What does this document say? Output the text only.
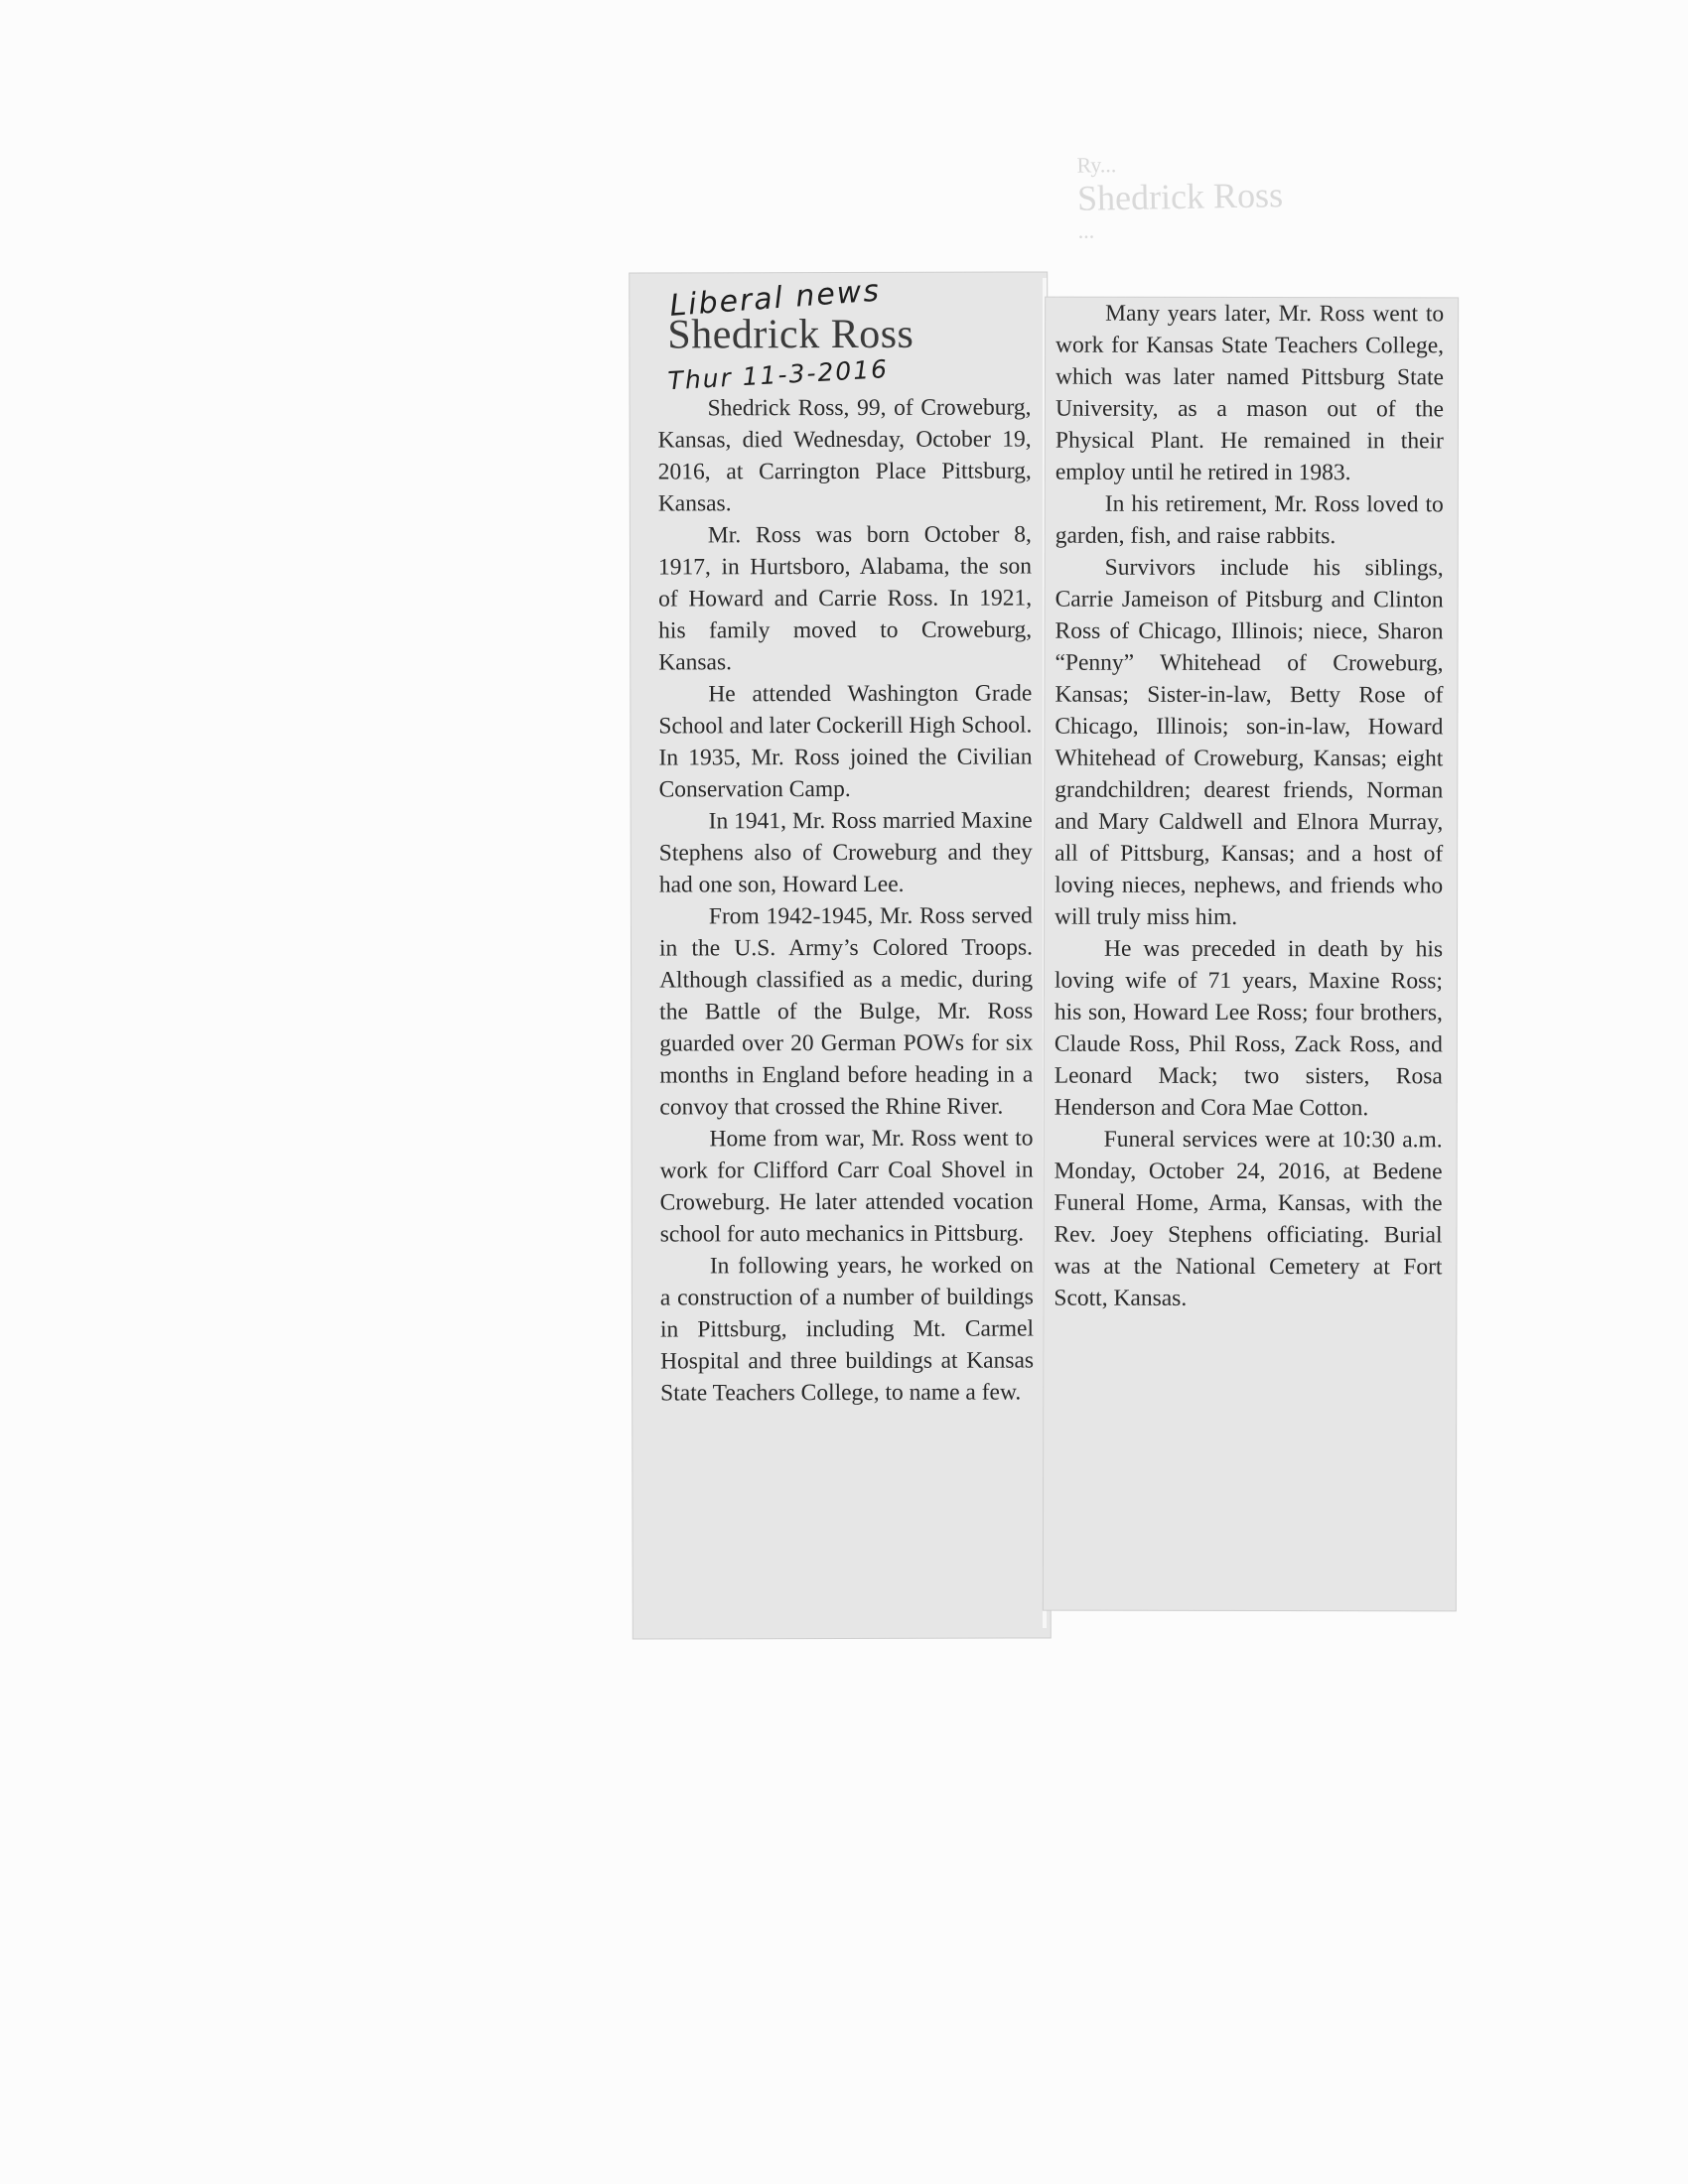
Ry...
Shedrick Ross
...
Liberal news
Shedrick Ross
Thur 11-3-2016

Shedrick Ross, 99, of Croweburg, Kansas, died Wednesday, October 19, 2016, at Carrington Place Pittsburg, Kansas.

Mr. Ross was born October 8, 1917, in Hurtsboro, Alabama, the son of Howard and Carrie Ross. In 1921, his family moved to Croweburg, Kansas.

He attended Washington Grade School and later Cockerill High School. In 1935, Mr. Ross joined the Civilian Conservation Camp.

In 1941, Mr. Ross married Maxine Stephens also of Croweburg and they had one son, Howard Lee.

From 1942-1945, Mr. Ross served in the U.S. Army’s Colored Troops. Although classified as a medic, during the Battle of the Bulge, Mr. Ross guarded over 20 German POWs for six months in England before heading in a convoy that crossed the Rhine River.

Home from war, Mr. Ross went to work for Clifford Carr Coal Shovel in Croweburg. He later attended vocation school for auto mechanics in Pittsburg.

In following years, he worked on a construction of a number of buildings in Pittsburg, including Mt. Carmel Hospital and three buildings at Kansas State Teachers College, to name a few.

Many years later, Mr. Ross went to work for Kansas State Teachers College, which was later named Pittsburg State University, as a mason out of the Physical Plant. He remained in their employ until he retired in 1983.

In his retirement, Mr. Ross loved to garden, fish, and raise rabbits.

Survivors include his siblings, Carrie Jameison of Pitsburg and Clinton Ross of Chicago, Illinois; niece, Sharon “Penny” Whitehead of Croweburg, Kansas; Sister-in-law, Betty Rose of Chicago, Illinois; son-in-law, Howard Whitehead of Croweburg, Kansas; eight grandchildren; dearest friends, Norman and Mary Caldwell and Elnora Murray, all of Pittsburg, Kansas; and a host of loving nieces, nephews, and friends who will truly miss him.

He was preceded in death by his loving wife of 71 years, Maxine Ross; his son, Howard Lee Ross; four brothers, Claude Ross, Phil Ross, Zack Ross, and Leonard Mack; two sisters, Rosa Henderson and Cora Mae Cotton.

Funeral services were at 10:30 a.m. Monday, October 24, 2016, at Bedene Funeral Home, Arma, Kansas, with the Rev. Joey Stephens officiating. Burial was at the National Cemetery at Fort Scott, Kansas.
